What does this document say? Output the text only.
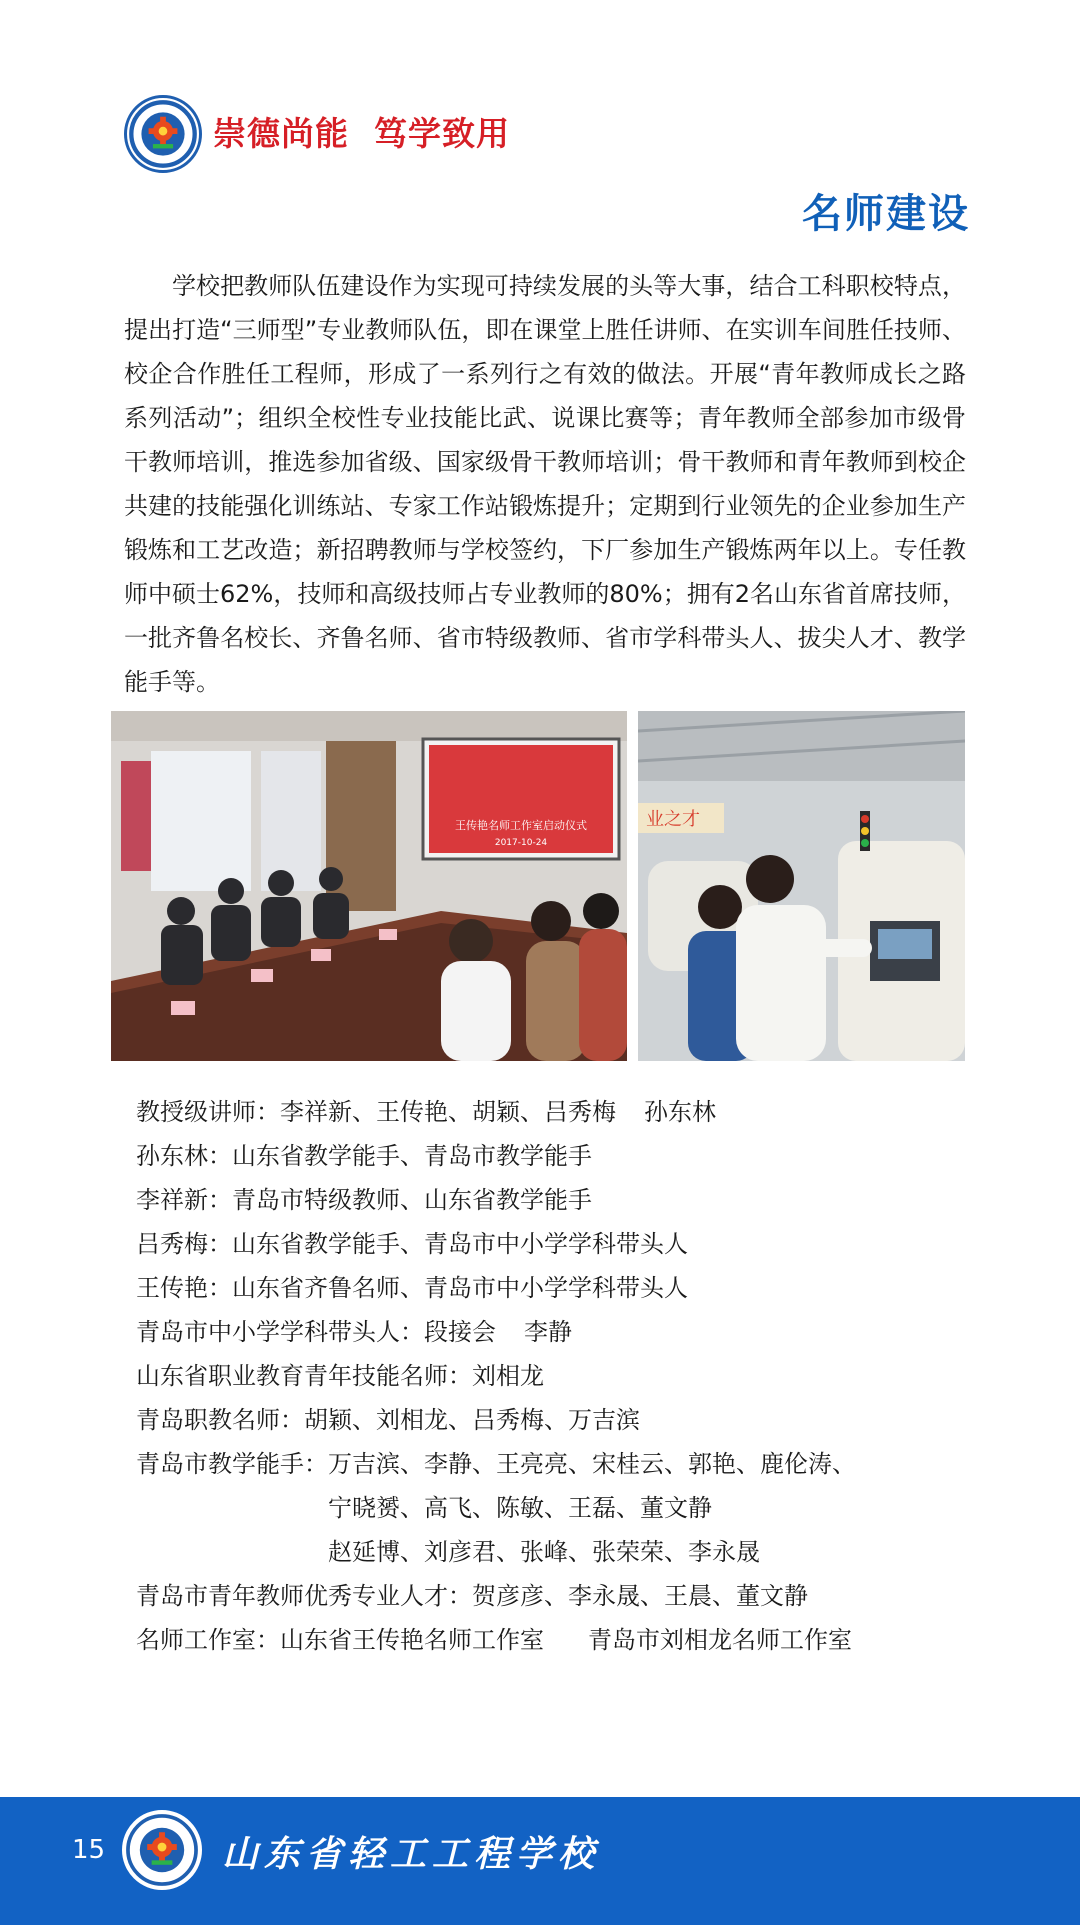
崇德尚能  笃学致用
名师建设
学校把教师队伍建设作为实现可持续发展的头等大事，结合工科职校特点，提出打造“三师型”专业教师队伍，即在课堂上胜任讲师、在实训车间胜任技师、校企合作胜任工程师，形成了一系列行之有效的做法。开展“青年教师成长之路系列活动”；组织全校性专业技能比武、说课比赛等；青年教师全部参加市级骨干教师培训，推选参加省级、国家级骨干教师培训；骨干教师和青年教师到校企共建的技能强化训练站、专家工作站锻炼提升；定期到行业领先的企业参加生产锻炼和工艺改造；新招聘教师与学校签约，下厂参加生产锻炼两年以上。专任教师中硕士62%，技师和高级技师占专业教师的80%；拥有2名山东省首席技师，一批齐鲁名校长、齐鲁名师、省市特级教师、省市学科带头人、拔尖人才、教学能手等。
王传艳名师工作室启动仪式
2017-10-24
业之才
教授级讲师：李祥新、王传艳、胡颖、吕秀梅 孙东林
孙东林：山东省教学能手、青岛市教学能手
李祥新：青岛市特级教师、山东省教学能手
吕秀梅：山东省教学能手、青岛市中小学学科带头人
王传艳：山东省齐鲁名师、青岛市中小学学科带头人
青岛市中小学学科带头人：段接会 李静
山东省职业教育青年技能名师：刘相龙
青岛职教名师：胡颖、刘相龙、吕秀梅、万吉滨
青岛市教学能手： 万吉滨、李静、王亮亮、宋桂云、郭艳、鹿伦涛、
宁晓赟、高飞、陈敏、王磊、董文静
赵延博、刘彦君、张峰、张荣荣、李永晟
青岛市青年教师优秀专业人才：贺彦彦、李永晟、王晨、董文静
名师工作室：山东省王传艳名师工作室 青岛市刘相龙名师工作室
15	山东省轻工工程学校
